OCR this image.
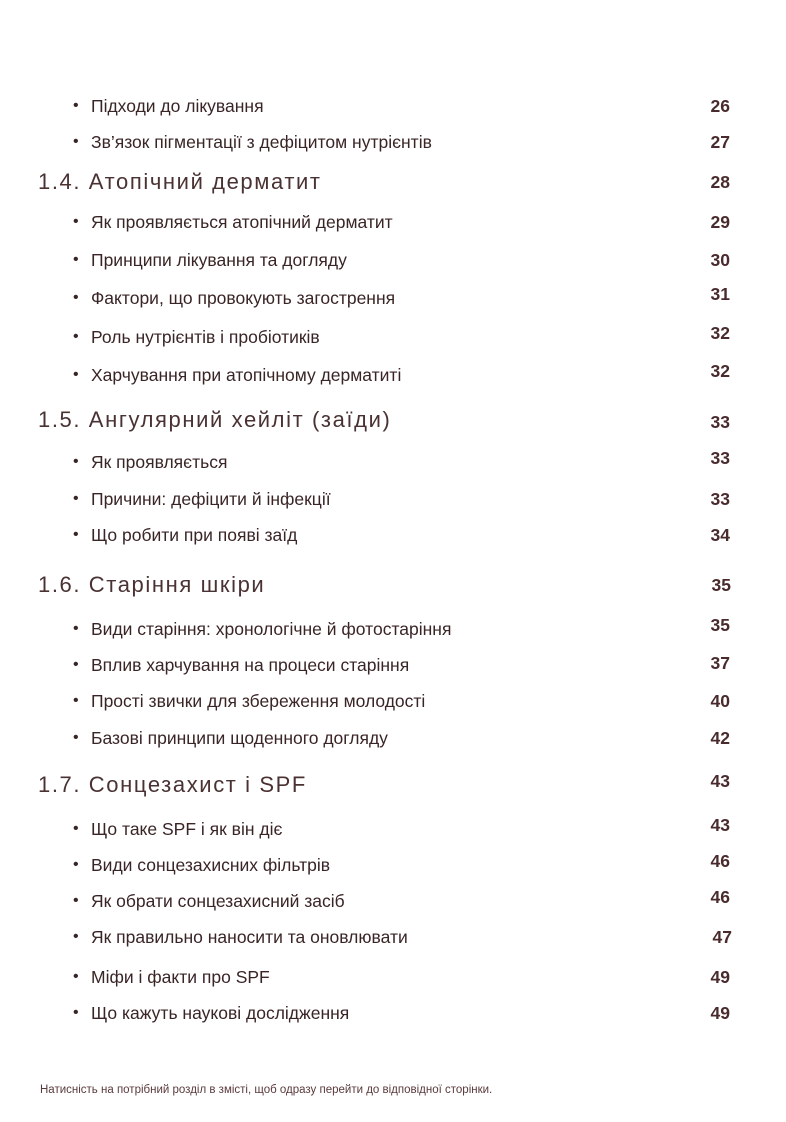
• Підходи до лікування	26
• Зв’язок пігментації з дефіцитом нутрієнтів	27
1.4. Атопічний дерматит	28
• Як проявляється атопічний дерматит	29
• Принципи лікування та догляду	30
• Фактори, що провокують загострення	31
• Роль нутрієнтів і пробіотиків	32
• Харчування при атопічному дерматиті	32
1.5. Ангулярний хейліт (заїди)	33
• Як проявляється	33
• Причини: дефіцити й інфекції	33
• Що робити при появі заїд	34
1.6. Старіння шкіри	35
• Види старіння: хронологічне й фотостаріння	35
• Вплив харчування на процеси старіння	37
• Прості звички для збереження молодості	40
• Базові принципи щоденного догляду	42
1.7. Сонцезахист і SPF	43
• Що таке SPF і як він діє	43
• Види сонцезахисних фільтрів	46
• Як обрати сонцезахисний засіб	46
• Як правильно наносити та оновлювати	47
• Міфи і факти про SPF	49
• Що кажуть наукові дослідження	49
Натисність на потрібний розділ в змісті, щоб одразу перейти до відповідної сторінки.
